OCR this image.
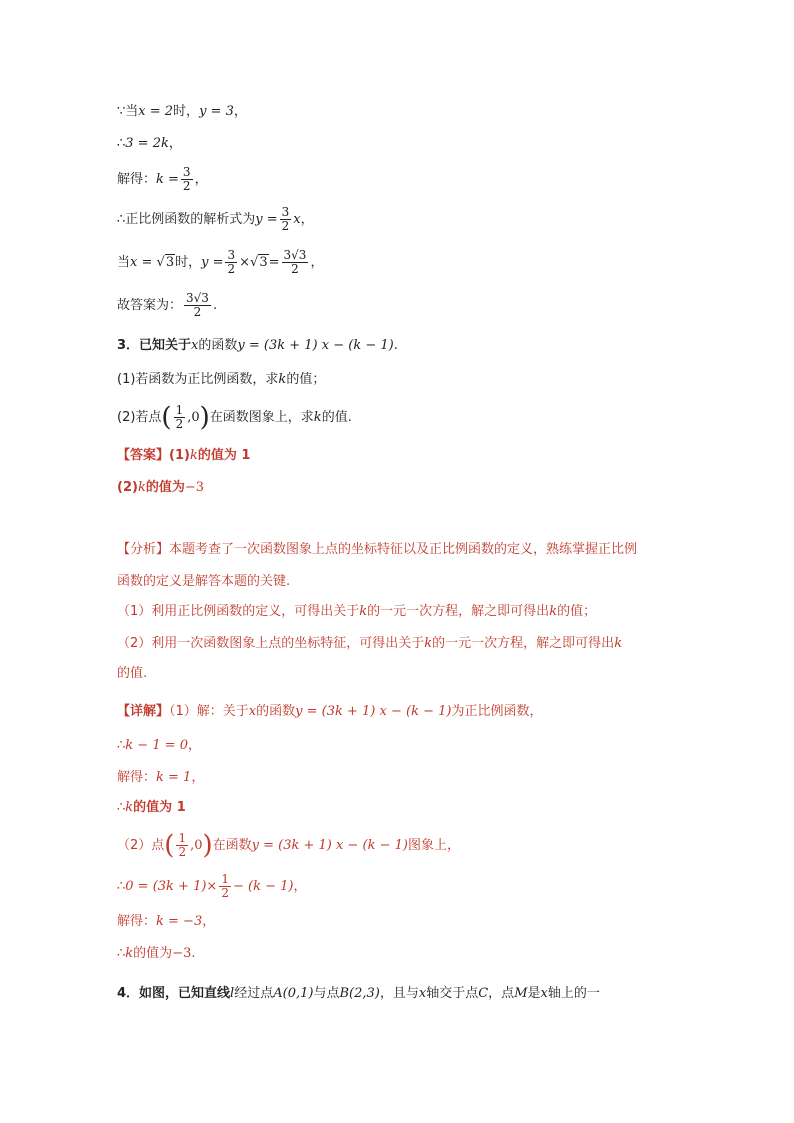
∵当x = 2时，y = 3，
∴3 = 2k，
解得：$k = \frac{3}{2}$ ，
∴正比例函数的解析式为$y = \frac{3}{2}$ x，
当x = √3时，$y = \frac{3}{2} \times√3= \frac{3√3}{2}$ ，
故答案为： $\frac{3√3}{2}$ .
3．已知关于x的函数y = (3k + 1) x − (k − 1).
(1)若函数为正比例函数，求k的值；
(2)若点( $\frac{1}{2} ,0$)在函数图象上，求k的值.
【答案】(1)k的值为 1
(2)k的值为−3
【分析】本题考查了一次函数图象上点的坐标特征以及正比例函数的定义，熟练掌握正比例
函数的定义是解答本题的关键.
（1）利用正比例函数的定义，可得出关于k的一元一次方程，解之即可得出k的值；
（2）利用一次函数图象上点的坐标特征，可得出关于k的一元一次方程，解之即可得出k
的值.
【详解】（1）解：关于x的函数y = (3k + 1) x − (k − 1)为正比例函数，
∴k − 1 = 0，
解得：k = 1，
∴k的值为 1
（2）点( $\frac{1}{2} ,0$)在函数y = (3k + 1) x − (k − 1)图象上，
∴0 = $(3k + 1)\times \frac{1}{2} - (k - 1)$，
解得：k = −3，
∴k的值为−3.
4．如图，已知直线l经过点A(0,1)与点B(2,3)，且与x轴交于点C，点M是x轴上的一
